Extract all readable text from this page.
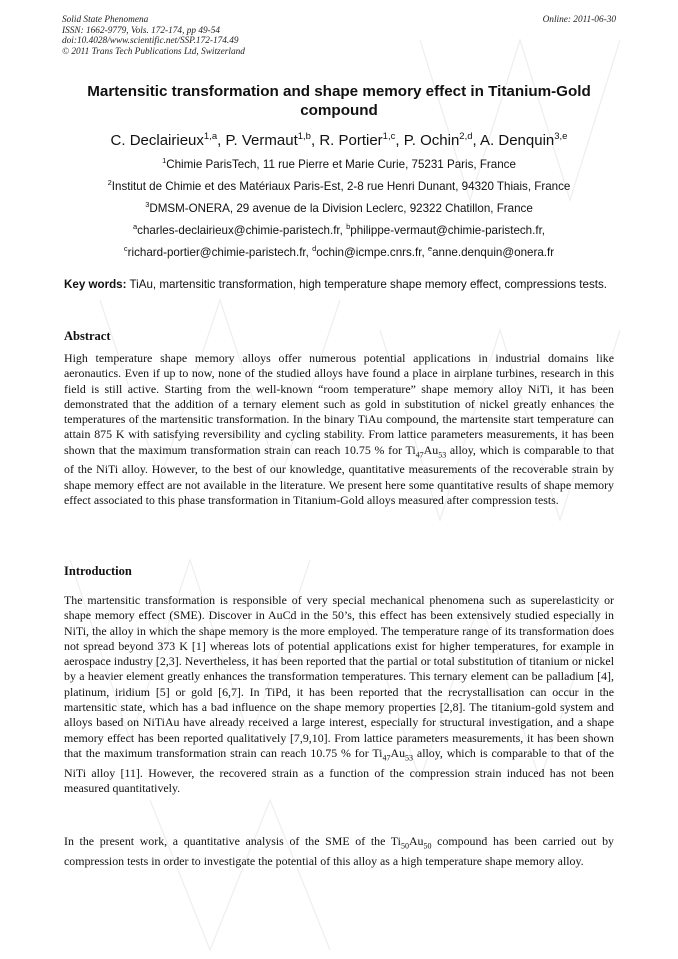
Solid State Phenomena
ISSN: 1662-9779, Vols. 172-174, pp 49-54
doi:10.4028/www.scientific.net/SSP.172-174.49
© 2011 Trans Tech Publications Ltd, Switzerland
Online: 2011-06-30
Martensitic transformation and shape memory effect in Titanium-Gold compound
C. Declairieux$^{1,a}$, P. Vermaut$^{1,b}$, R. Portier$^{1,c}$, P. Ochin$^{2,d}$, A. Denquin$^{3,e}$
$^1$Chimie ParisTech, 11 rue Pierre et Marie Curie, 75231 Paris, France
$^2$Institut de Chimie et des Matériaux Paris-Est, 2-8 rue Henri Dunant, 94320 Thiais, France
$^3$DMSM-ONERA, 29 avenue de la Division Leclerc, 92322 Chatillon, France
$^a$charles-declairieux@chimie-paristech.fr, $^b$philippe-vermaut@chimie-paristech.fr,
$^c$richard-portier@chimie-paristech.fr, $^d$ochin@icmpe.cnrs.fr, $^e$anne.denquin@onera.fr
Key words: TiAu, martensitic transformation, high temperature shape memory effect, compressions tests.
Abstract

High temperature shape memory alloys offer numerous potential applications in industrial domains like aeronautics. Even if up to now, none of the studied alloys have found a place in airplane turbines, research in this field is still active. Starting from the well-known “room temperature” shape memory alloy NiTi, it has been demonstrated that the addition of a ternary element such as gold in substitution of nickel greatly enhances the temperatures of the martensitic transformation. In the binary TiAu compound, the martensite start temperature can attain 875 K with satisfying reversibility and cycling stability. From lattice parameters measurements, it has been shown that the maximum transformation strain can reach 10.75 % for $Ti_{47}Au_{53}$ alloy, which is comparable to that of the NiTi alloy. However, to the best of our knowledge, quantitative measurements of the recoverable strain by shape memory effect are not available in the literature. We present here some quantitative results of shape memory effect associated to this phase transformation in Titanium-Gold alloys measured after compression tests.

Introduction

The martensitic transformation is responsible of very special mechanical phenomena such as superelasticity or shape memory effect (SME). Discover in AuCd in the 50’s, this effect has been extensively studied especially in NiTi, the alloy in which the shape memory is the more employed. The temperature range of its transformation does not spread beyond 373 K [1] whereas lots of potential applications exist for higher temperatures, for example in aerospace industry [2,3]. Nevertheless, it has been reported that the partial or total substitution of titanium or nickel by a heavier element greatly enhances the transformation temperatures. This ternary element can be palladium [4], platinum, iridium [5] or gold [6,7]. In TiPd, it has been reported that the recrystallisation can occur in the martensitic state, which has a bad influence on the shape memory properties [2,8]. The titanium-gold system and alloys based on NiTiAu have already received a large interest, especially for structural investigation, and a shape memory effect has been reported qualitatively [7,9,10]. From lattice parameters measurements, it has been shown that the maximum transformation strain can reach 10.75 % for $Ti_{47}Au_{53}$ alloy, which is comparable to that of the NiTi alloy [11]. However, the recovered strain as a function of the compression strain induced has not been measured quantitatively.

In the present work, a quantitative analysis of the SME of the $Ti_{50}Au_{50}$ compound has been carried out by compression tests in order to investigate the potential of this alloy as a high temperature shape memory alloy.
